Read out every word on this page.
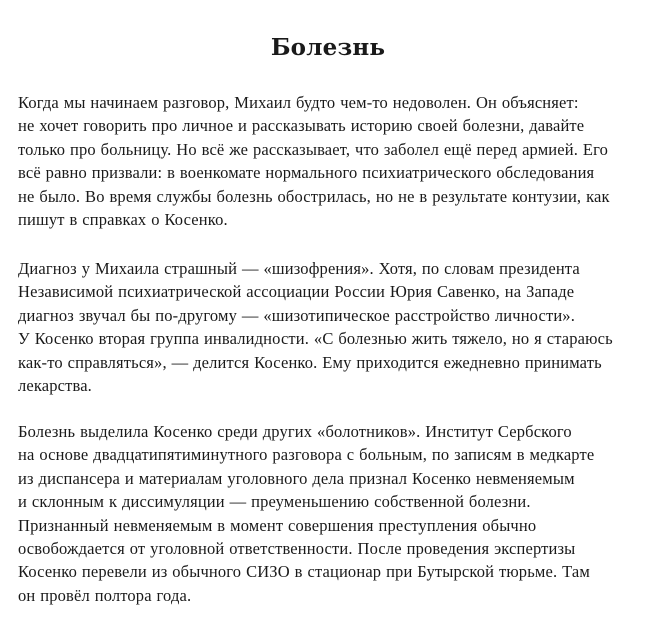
Болезнь

Когда мы начинаем разговор, Михаил будто чем-то недоволен. Он объясняет:
не хочет говорить про личное и рассказывать историю своей болезни, давайте
только про больницу. Но всё же рассказывает, что заболел ещё перед армией. Его
всё равно призвали: в военкомате нормального психиатрического обследования
не было. Во время службы болезнь обострилась, но не в результате контузии, как
пишут в справках о Косенко.

Диагноз у Михаила страшный — «шизофрения». Хотя, по словам президента
Независимой психиатрической ассоциации России Юрия Савенко, на Западе
диагноз звучал бы по-другому — «шизотипическое расстройство личности».
У Косенко вторая группа инвалидности. «С болезнью жить тяжело, но я стараюсь
как-то справляться», — делится Косенко. Ему приходится ежедневно принимать
лекарства.

Болезнь выделила Косенко среди других «болотников». Институт Сербского
на основе двадцатипятиминутного разговора с больным, по записям в медкарте
из диспансера и материалам уголовного дела признал Косенко невменяемым
и склонным к диссимуляции — преуменьшению собственной болезни.
Признанный невменяемым в момент совершения преступления обычно
освобождается от уголовной ответственности. После проведения экспертизы
Косенко перевели из обычного СИЗО в стационар при Бутырской тюрьме. Там
он провёл полтора года.
